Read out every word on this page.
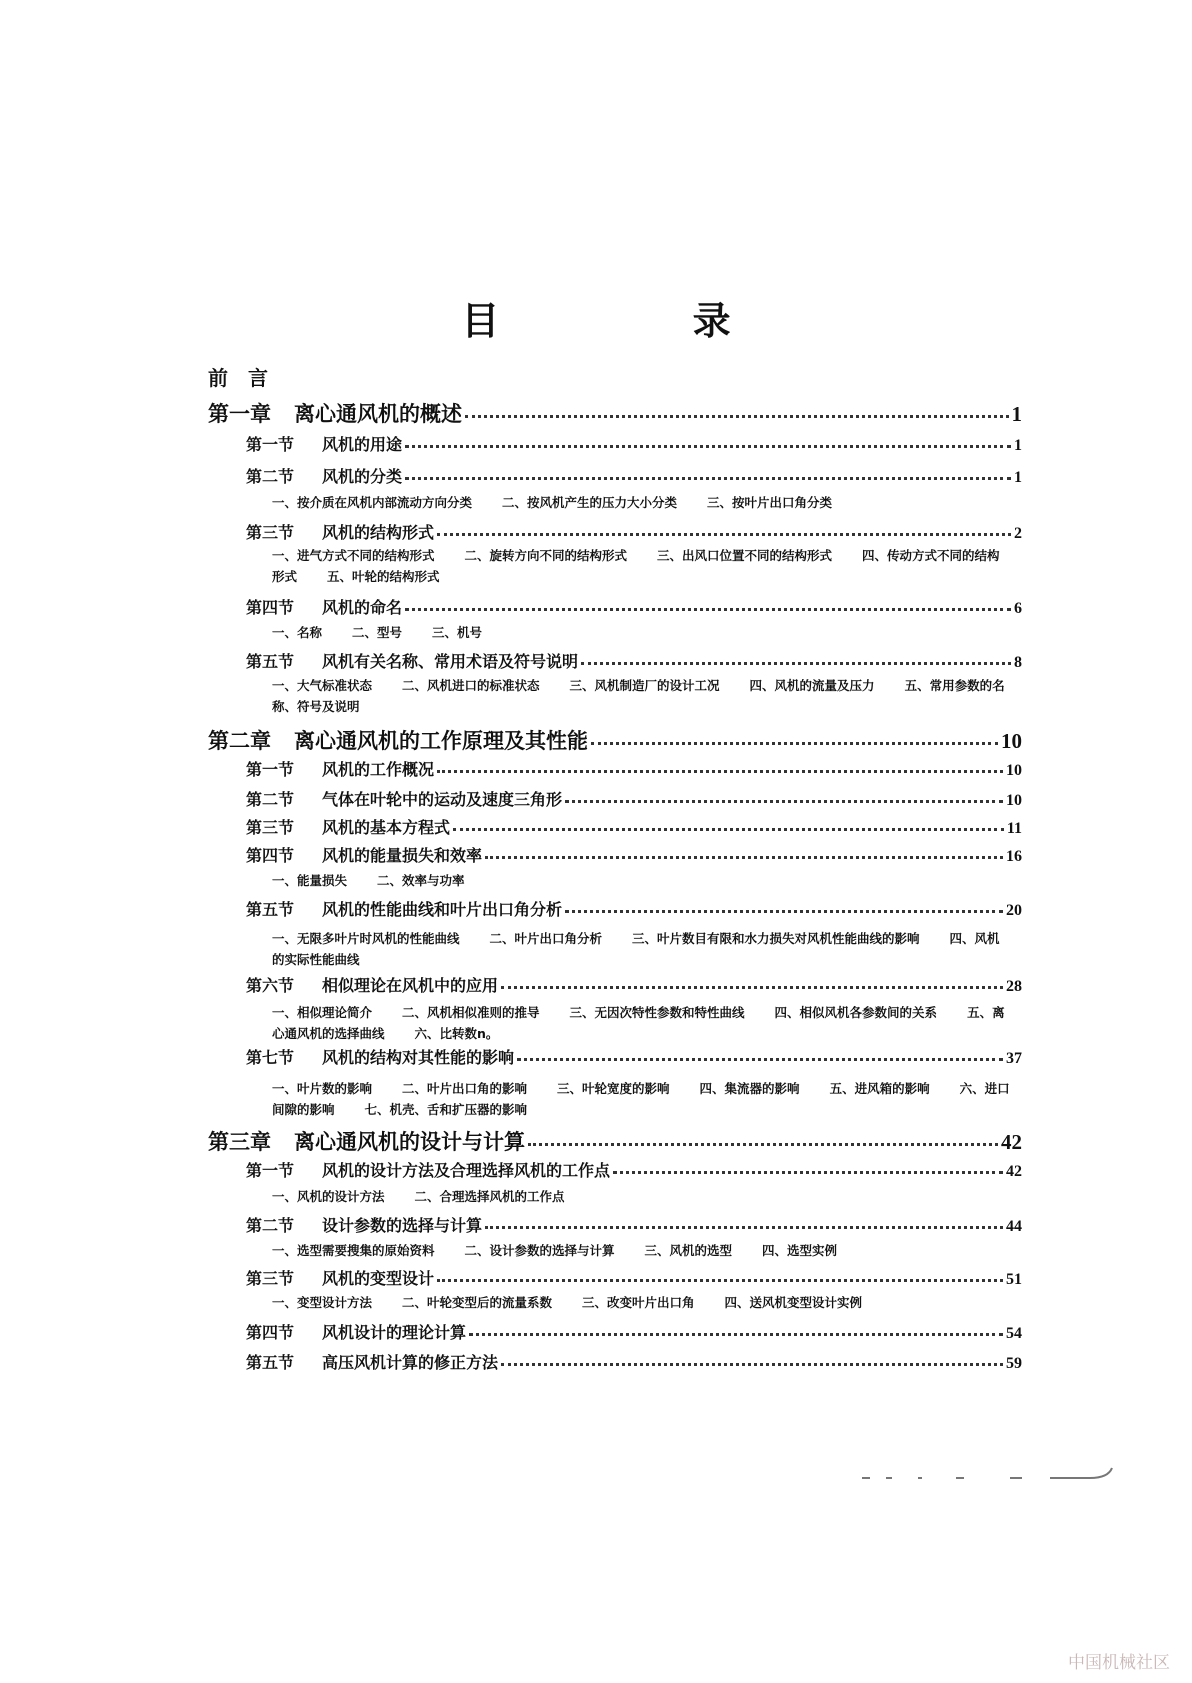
目 录
前言
第一章 离心通风机的概述	1
第一节 风机的用途	1
第二节 风机的分类	1
一、按介质在风机内部流动方向分类 二、按风机产生的压力大小分类 三、按叶片出口角分类
第三节 风机的结构形式	2
一、进气方式不同的结构形式 二、旋转方向不同的结构形式 三、出风口位置不同的结构形式 四、传动方式不同的结构形式 五、叶轮的结构形式
第四节 风机的命名	6
一、名称 二、型号 三、机号
第五节 风机有关名称、常用术语及符号说明	8
一、大气标准状态 二、风机进口的标准状态 三、风机制造厂的设计工况 四、风机的流量及压力 五、常用参数的名称、符号及说明
第二章 离心通风机的工作原理及其性能	10
第一节 风机的工作概况	10
第二节 气体在叶轮中的运动及速度三角形	10
第三节 风机的基本方程式	11
第四节 风机的能量损失和效率	16
一、能量损失 二、效率与功率
第五节 风机的性能曲线和叶片出口角分析	20
一、无限多叶片时风机的性能曲线 二、叶片出口角分析 三、叶片数目有限和水力损失对风机性能曲线的影响 四、风机的实际性能曲线
第六节 相似理论在风机中的应用	28
一、相似理论简介 二、风机相似准则的推导 三、无因次特性参数和特性曲线 四、相似风机各参数间的关系 五、离心通风机的选择曲线 六、比转数n。
第七节 风机的结构对其性能的影响	37
一、叶片数的影响 二、叶片出口角的影响 三、叶轮宽度的影响 四、集流器的影响 五、进风箱的影响 六、进口间隙的影响 七、机壳、舌和扩压器的影响
第三章 离心通风机的设计与计算	42
第一节 风机的设计方法及合理选择风机的工作点	42
一、风机的设计方法 二、合理选择风机的工作点
第二节 设计参数的选择与计算	44
一、选型需要搜集的原始资料 二、设计参数的选择与计算 三、风机的选型 四、选型实例
第三节 风机的变型设计	51
一、变型设计方法 二、叶轮变型后的流量系数 三、改变叶片出口角 四、送风机变型设计实例
第四节 风机设计的理论计算	54
第五节 高压风机计算的修正方法	59
中国机械社区
